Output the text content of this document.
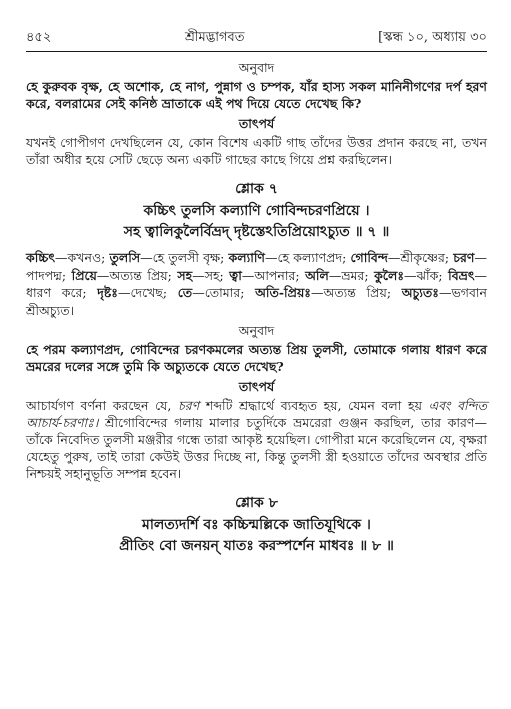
৪৫২	শ্রীমদ্ভাগবত	[স্কন্ধ ১০, অধ্যায় ৩০
অনুবাদ

হে কুরুবক বৃক্ষ, হে অশোক, হে নাগ, পুন্নাগ ও চম্পক, যাঁর হাস্য সকল মানিনীগণের দর্প হরণ করে, বলরামের সেই কনিষ্ঠ ভ্রাতাকে এই পথ দিয়ে যেতে দেখেছ কি?

তাৎপর্য

যখনই গোপীগণ দেখছিলেন যে, কোন বিশেষ একটি গাছ তাঁদের উত্তর প্রদান করছে না, তখন তাঁরা অধীর হয়ে সেটি ছেড়ে অন্য একটি গাছের কাছে গিয়ে প্রশ্ন করছিলেন।

শ্লোক ৭
কচ্চিৎ তুলসি কল্যাণি গোবিন্দচরণপ্রিয়ে ।
সহ ত্বালিকুলৈর্বিভ্রদ্ দৃষ্টস্তেঽতিপ্রিয়োঽচ্যুত ॥ ৭ ॥

কচ্চিৎ—কখনও; তুলসি—হে তুলসী বৃক্ষ; কল্যাণি—হে কল্যাণপ্রদ; গোবিন্দ—শ্রীকৃষ্ণের; চরণ—পাদপদ্ম; প্রিয়ে—অত্যন্ত প্রিয়; সহ—সহ; ত্বা—আপনার; অলি—ভ্রমর; কুলৈঃ—ঝাঁক; বিভ্রৎ—ধারণ করে; দৃষ্টঃ—দেখেছ; তে—তোমার; অতি-প্রিয়ঃ—অত্যন্ত প্রিয়; অচ্যুতঃ—ভগবান শ্রীঅচ্যুত।

অনুবাদ

হে পরম কল্যাণপ্রদ, গোবিন্দের চরণকমলের অত্যন্ত প্রিয় তুলসী, তোমাকে গলায় ধারণ করে ভ্রমরের দলের সঙ্গে তুমি কি অচ্যুতকে যেতে দেখেছ?

তাৎপর্য

আচার্যগণ বর্ণনা করছেন যে, চরণ শব্দটি শ্রদ্ধার্থে ব্যবহৃত হয়, যেমন বলা হয় এবং বন্দিত আচার্য-চরণাঃ। শ্রীগোবিন্দের গলায় মালার চতুর্দিকে ভ্রমরেরা গুঞ্জন করছিল, তার কারণ—তাঁকে নিবেদিত তুলসী মঞ্জরীর গন্ধে তারা আকৃষ্ট হয়েছিল। গোপীরা মনে করেছিলেন যে, বৃক্ষরা যেহেতু পুরুষ, তাই তারা কেউই উত্তর দিচ্ছে না, কিন্তু তুলসী স্ত্রী হওয়াতে তাঁদের অবস্থার প্রতি নিশ্চয়ই সহানুভূতি সম্পন্ন হবেন।

শ্লোক ৮
মালত্যদর্শি বঃ কচ্চিন্মল্লিকে জাতিযূথিকে ।
প্রীতিং বো জনয়ন্ যাতঃ করস্পর্শেন মাধবঃ ॥ ৮ ॥
